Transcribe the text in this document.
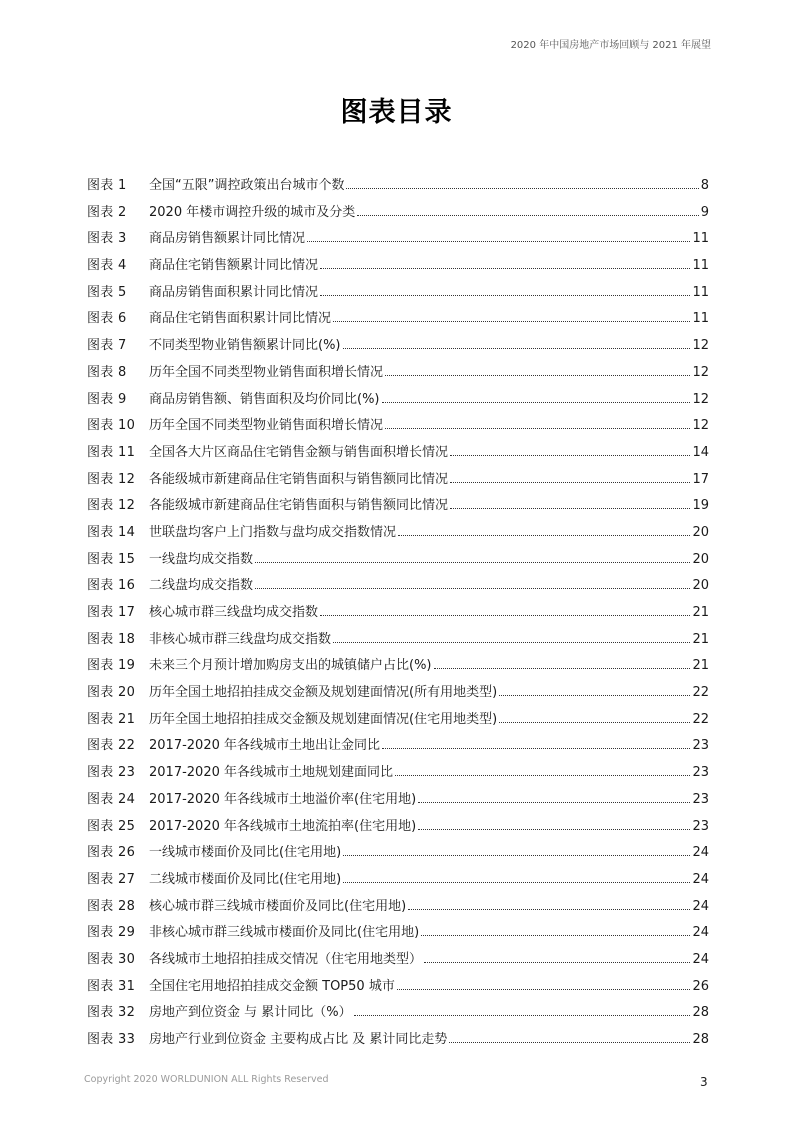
2020 年中国房地产市场回顾与 2021 年展望
图表目录
图表 1	全国“五限”调控政策出台城市个数	8
图表 2	2020 年楼市调控升级的城市及分类	9
图表 3	商品房销售额累计同比情况	11
图表 4	商品住宅销售额累计同比情况	11
图表 5	商品房销售面积累计同比情况	11
图表 6	商品住宅销售面积累计同比情况	11
图表 7	不同类型物业销售额累计同比(%)	12
图表 8	历年全国不同类型物业销售面积增长情况	12
图表 9	商品房销售额、销售面积及均价同比(%)	12
图表 10	历年全国不同类型物业销售面积增长情况	12
图表 11	全国各大片区商品住宅销售金额与销售面积增长情况	14
图表 12	各能级城市新建商品住宅销售面积与销售额同比情况	17
图表 12	各能级城市新建商品住宅销售面积与销售额同比情况	19
图表 14	世联盘均客户上门指数与盘均成交指数情况	20
图表 15	一线盘均成交指数	20
图表 16	二线盘均成交指数	20
图表 17	核心城市群三线盘均成交指数	21
图表 18	非核心城市群三线盘均成交指数	21
图表 19	未来三个月预计增加购房支出的城镇储户占比(%)	21
图表 20	历年全国土地招拍挂成交金额及规划建面情况(所有用地类型)	22
图表 21	历年全国土地招拍挂成交金额及规划建面情况(住宅用地类型)	22
图表 22	2017-2020 年各线城市土地出让金同比	23
图表 23	2017-2020 年各线城市土地规划建面同比	23
图表 24	2017-2020 年各线城市土地溢价率(住宅用地)	23
图表 25	2017-2020 年各线城市土地流拍率(住宅用地)	23
图表 26	一线城市楼面价及同比(住宅用地)	24
图表 27	二线城市楼面价及同比(住宅用地)	24
图表 28	核心城市群三线城市楼面价及同比(住宅用地)	24
图表 29	非核心城市群三线城市楼面价及同比(住宅用地)	24
图表 30	各线城市土地招拍挂成交情况（住宅用地类型）	24
图表 31	全国住宅用地招拍挂成交金额 TOP50 城市	26
图表 32	房地产到位资金 与 累计同比（%）	28
图表 33	房地产行业到位资金 主要构成占比 及 累计同比走势	28
Copyright 2020 WORLDUNION ALL Rights Reserved	3
